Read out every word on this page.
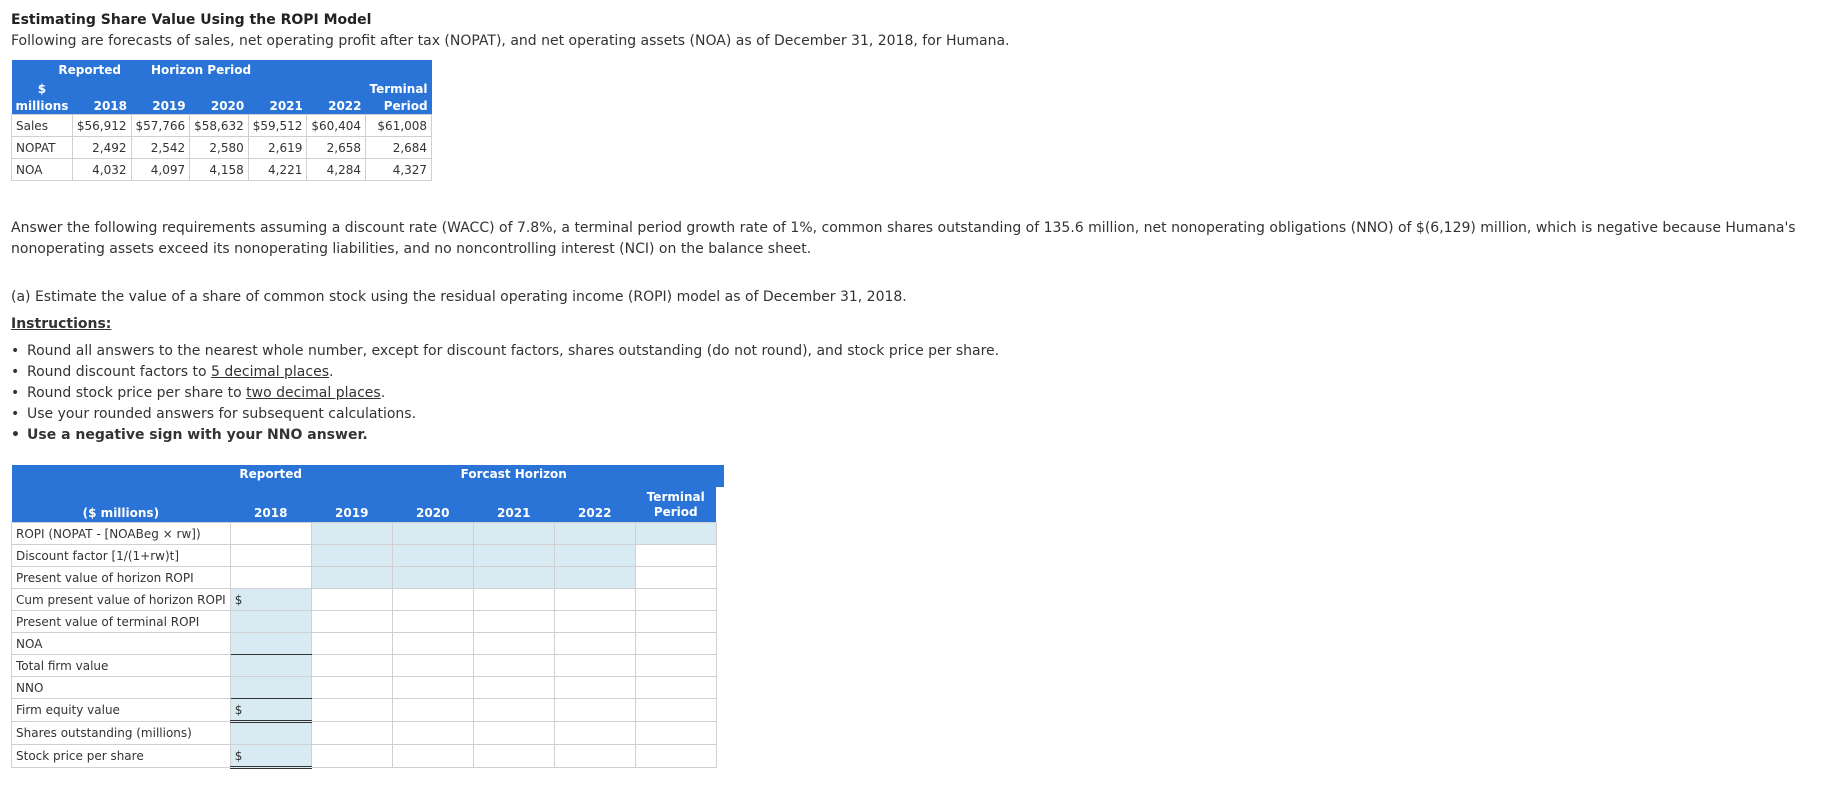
Estimating Share Value Using the ROPI Model
Following are forecasts of sales, net operating profit after tax (NOPAT), and net operating assets (NOA) as of December 31, 2018, for Humana.
Reported		Horizon Period				
$						Terminal
millions	2018	2019	2020	2021	2022	Period
Sales	$56,912	$57,766	$58,632	$59,512	$60,404	$61,008
NOPAT	2,492	2,542	2,580	2,619	2,658	2,684
NOA	4,032	4,097	4,158	4,221	4,284	4,327
Answer the following requirements assuming a discount rate (WACC) of 7.8%, a terminal period growth rate of 1%, common shares outstanding of 135.6 million, net nonoperating obligations (NNO) of $(6,129) million, which is negative because Humana's nonoperating assets exceed its nonoperating liabilities, and no noncontrolling interest (NCI) on the balance sheet.
(a) Estimate the value of a share of common stock using the residual operating income (ROPI) model as of December 31, 2018.
Instructions:
• Round all answers to the nearest whole number, except for discount factors, shares outstanding (do not round), and stock price per share.
• Round discount factors to 5 decimal places.
• Round stock price per share to two decimal places.
• Use your rounded answers for subsequent calculations.
• Use a negative sign with your NNO answer.
	Reported		Forcast Horizon				
($ millions)	2018	2019	2020	2021	2022	Terminal
Period	
ROPI (NOPAT - [NOABeg × rw])							
Discount factor [1/(1+rw)t]							
Present value of horizon ROPI							
Cum present value of horizon ROPI	$						
Present value of terminal ROPI							
NOA							
Total firm value							
NNO							
Firm equity value	$						
Shares outstanding (millions)							
Stock price per share	$						
